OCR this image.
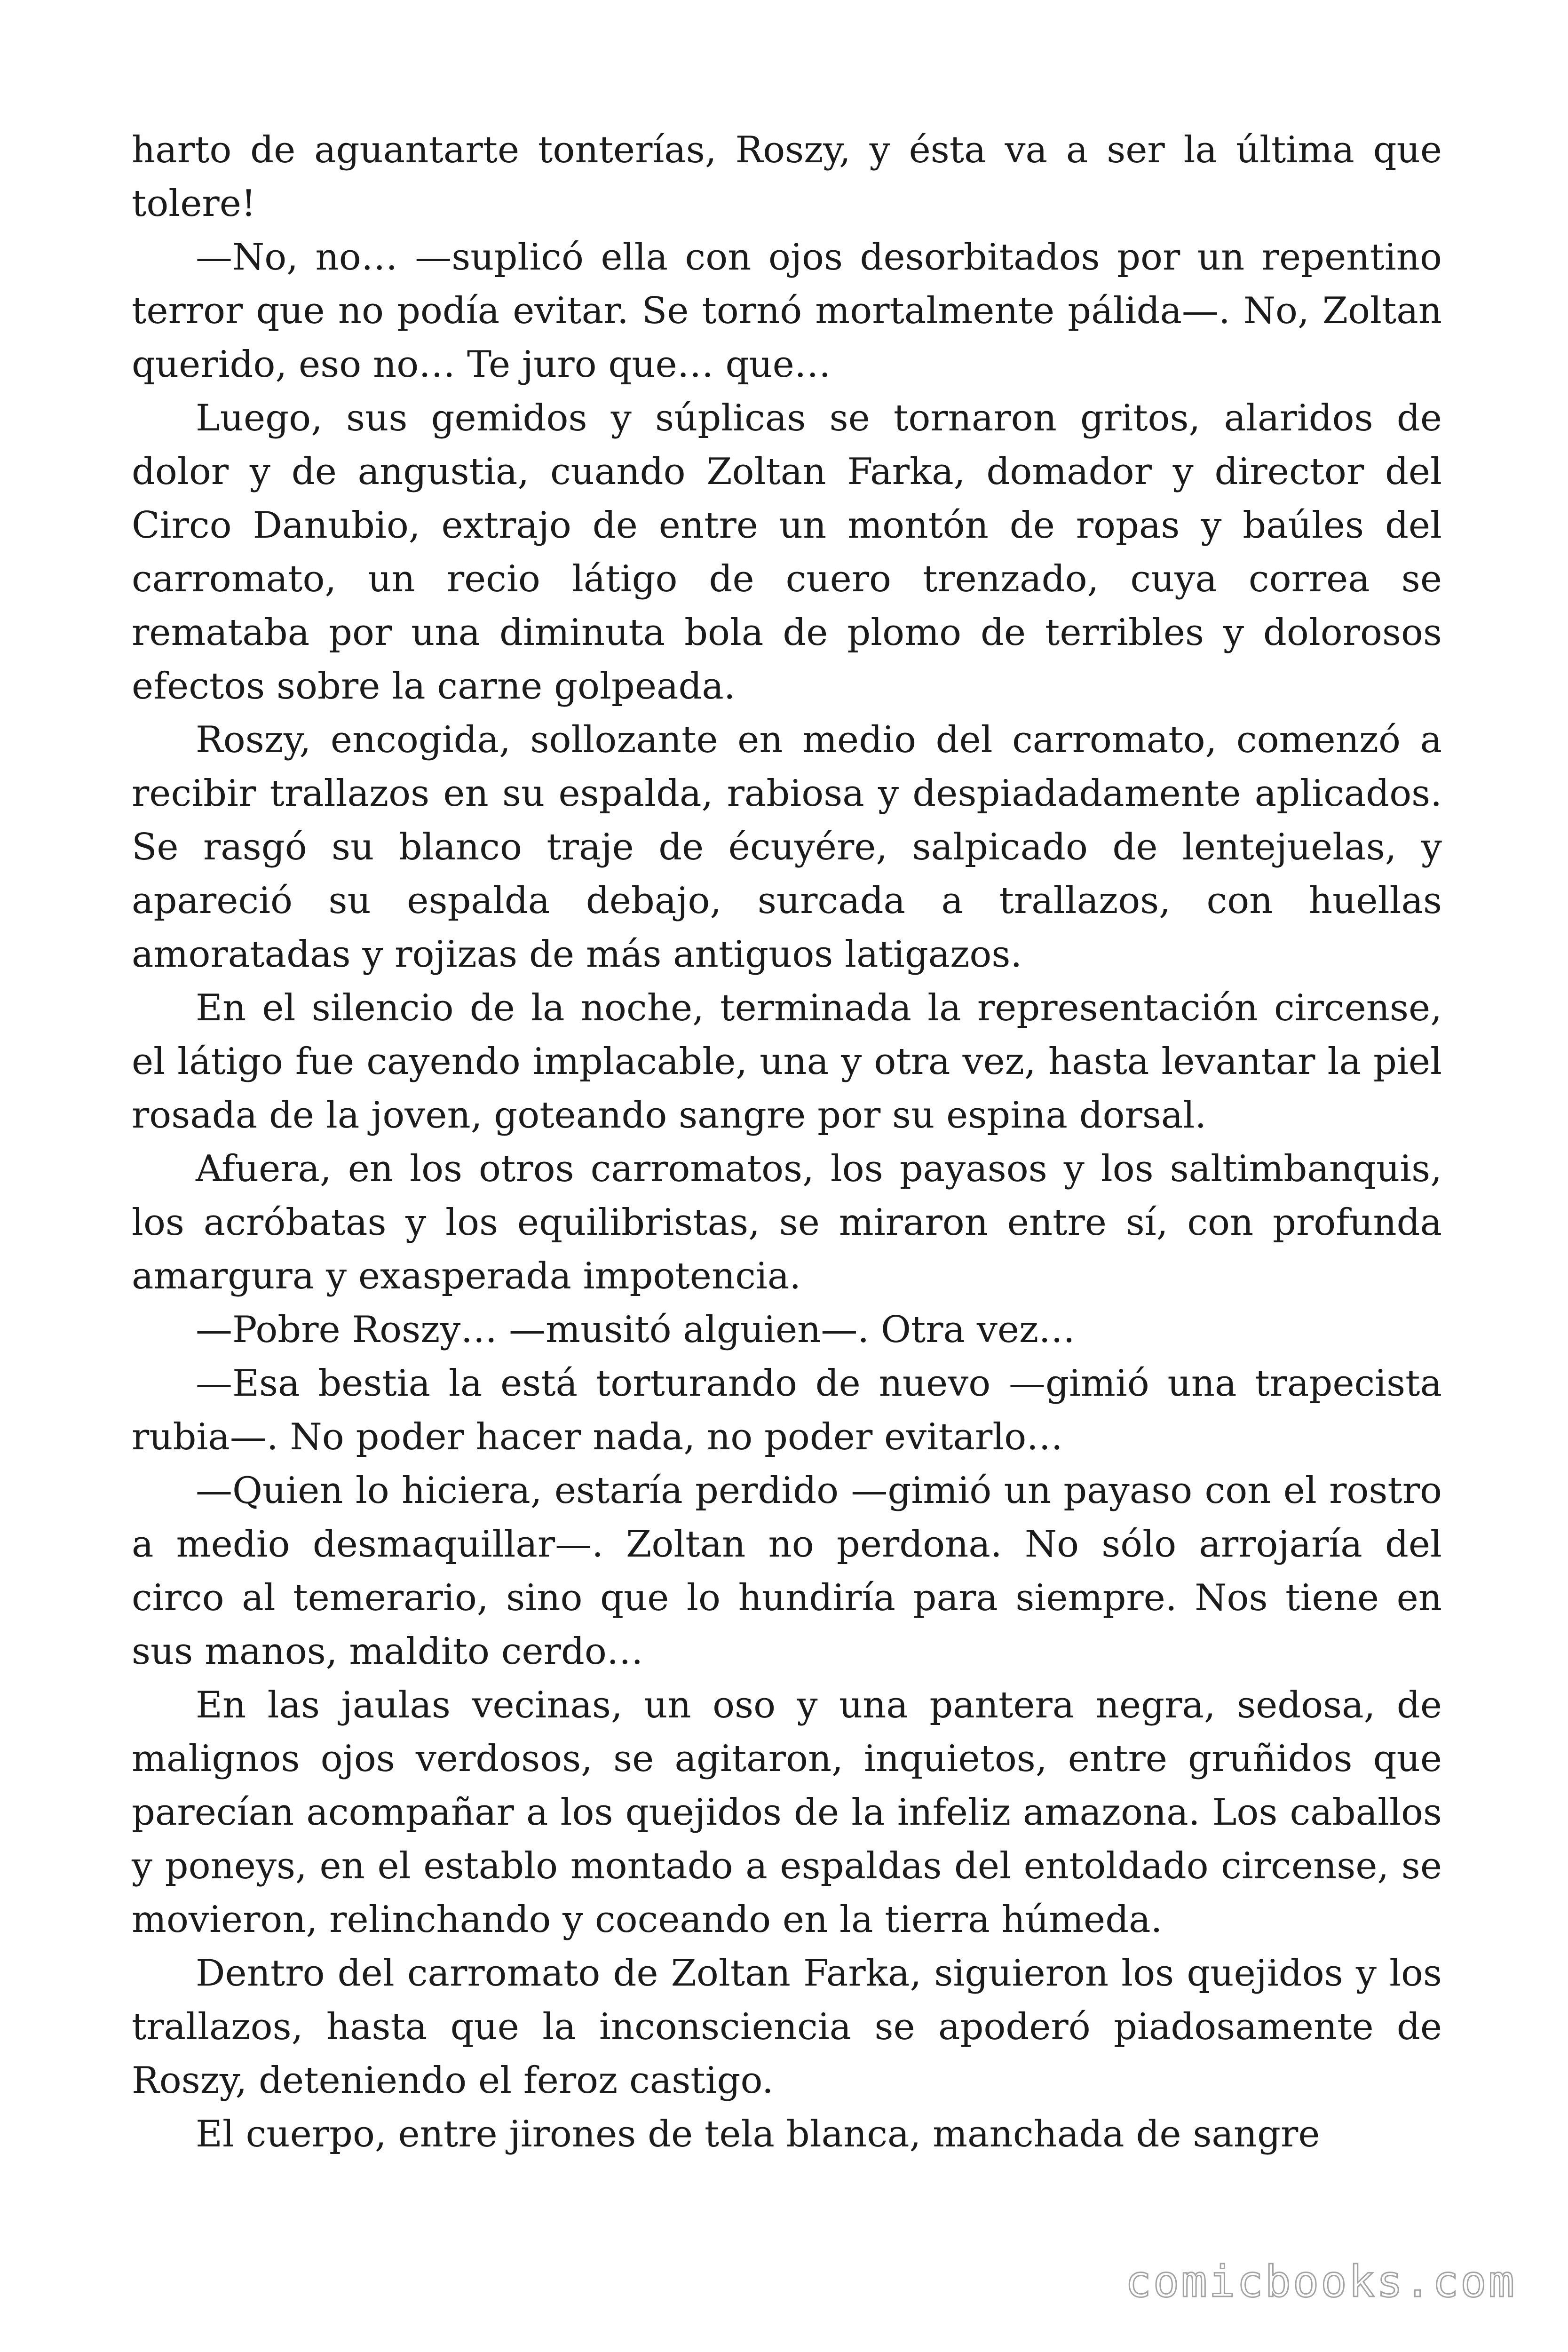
harto de aguantarte tonterías, Roszy, y ésta va a ser la última que tolere!

—No, no… —suplicó ella con ojos desorbitados por un repentino terror que no podía evitar. Se tornó mortalmente pálida—. No, Zoltan querido, eso no… Te juro que… que…

Luego, sus gemidos y súplicas se tornaron gritos, alaridos de dolor y de angustia, cuando Zoltan Farka, domador y director del Circo Danubio, extrajo de entre un montón de ropas y baúles del carromato, un recio látigo de cuero trenzado, cuya correa se remataba por una diminuta bola de plomo de terribles y dolorosos efectos sobre la carne golpeada.

Roszy, encogida, sollozante en medio del carromato, comenzó a recibir trallazos en su espalda, rabiosa y despiadadamente aplicados. Se rasgó su blanco traje de écuyére, salpicado de lentejuelas, y apareció su espalda debajo, surcada a trallazos, con huellas amoratadas y rojizas de más antiguos latigazos.

En el silencio de la noche, terminada la representación circense, el látigo fue cayendo implacable, una y otra vez, hasta levantar la piel rosada de la joven, goteando sangre por su espina dorsal.

Afuera, en los otros carromatos, los payasos y los saltimbanquis, los acróbatas y los equilibristas, se miraron entre sí, con profunda amargura y exasperada impotencia.

—Pobre Roszy… —musitó alguien—. Otra vez…

—Esa bestia la está torturando de nuevo —gimió una trapecista rubia—. No poder hacer nada, no poder evitarlo…

—Quien lo hiciera, estaría perdido —gimió un payaso con el rostro a medio desmaquillar—. Zoltan no perdona. No sólo arrojaría del circo al temerario, sino que lo hundiría para siempre. Nos tiene en sus manos, maldito cerdo…

En las jaulas vecinas, un oso y una pantera negra, sedosa, de malignos ojos verdosos, se agitaron, inquietos, entre gruñidos que parecían acompañar a los quejidos de la infeliz amazona. Los caballos y poneys, en el establo montado a espaldas del entoldado circense, se movieron, relinchando y coceando en la tierra húmeda.

Dentro del carromato de Zoltan Farka, siguieron los quejidos y los trallazos, hasta que la inconsciencia se apoderó piadosamente de Roszy, deteniendo el feroz castigo.

El cuerpo, entre jirones de tela blanca, manchada de sangre

comicbooks.com
